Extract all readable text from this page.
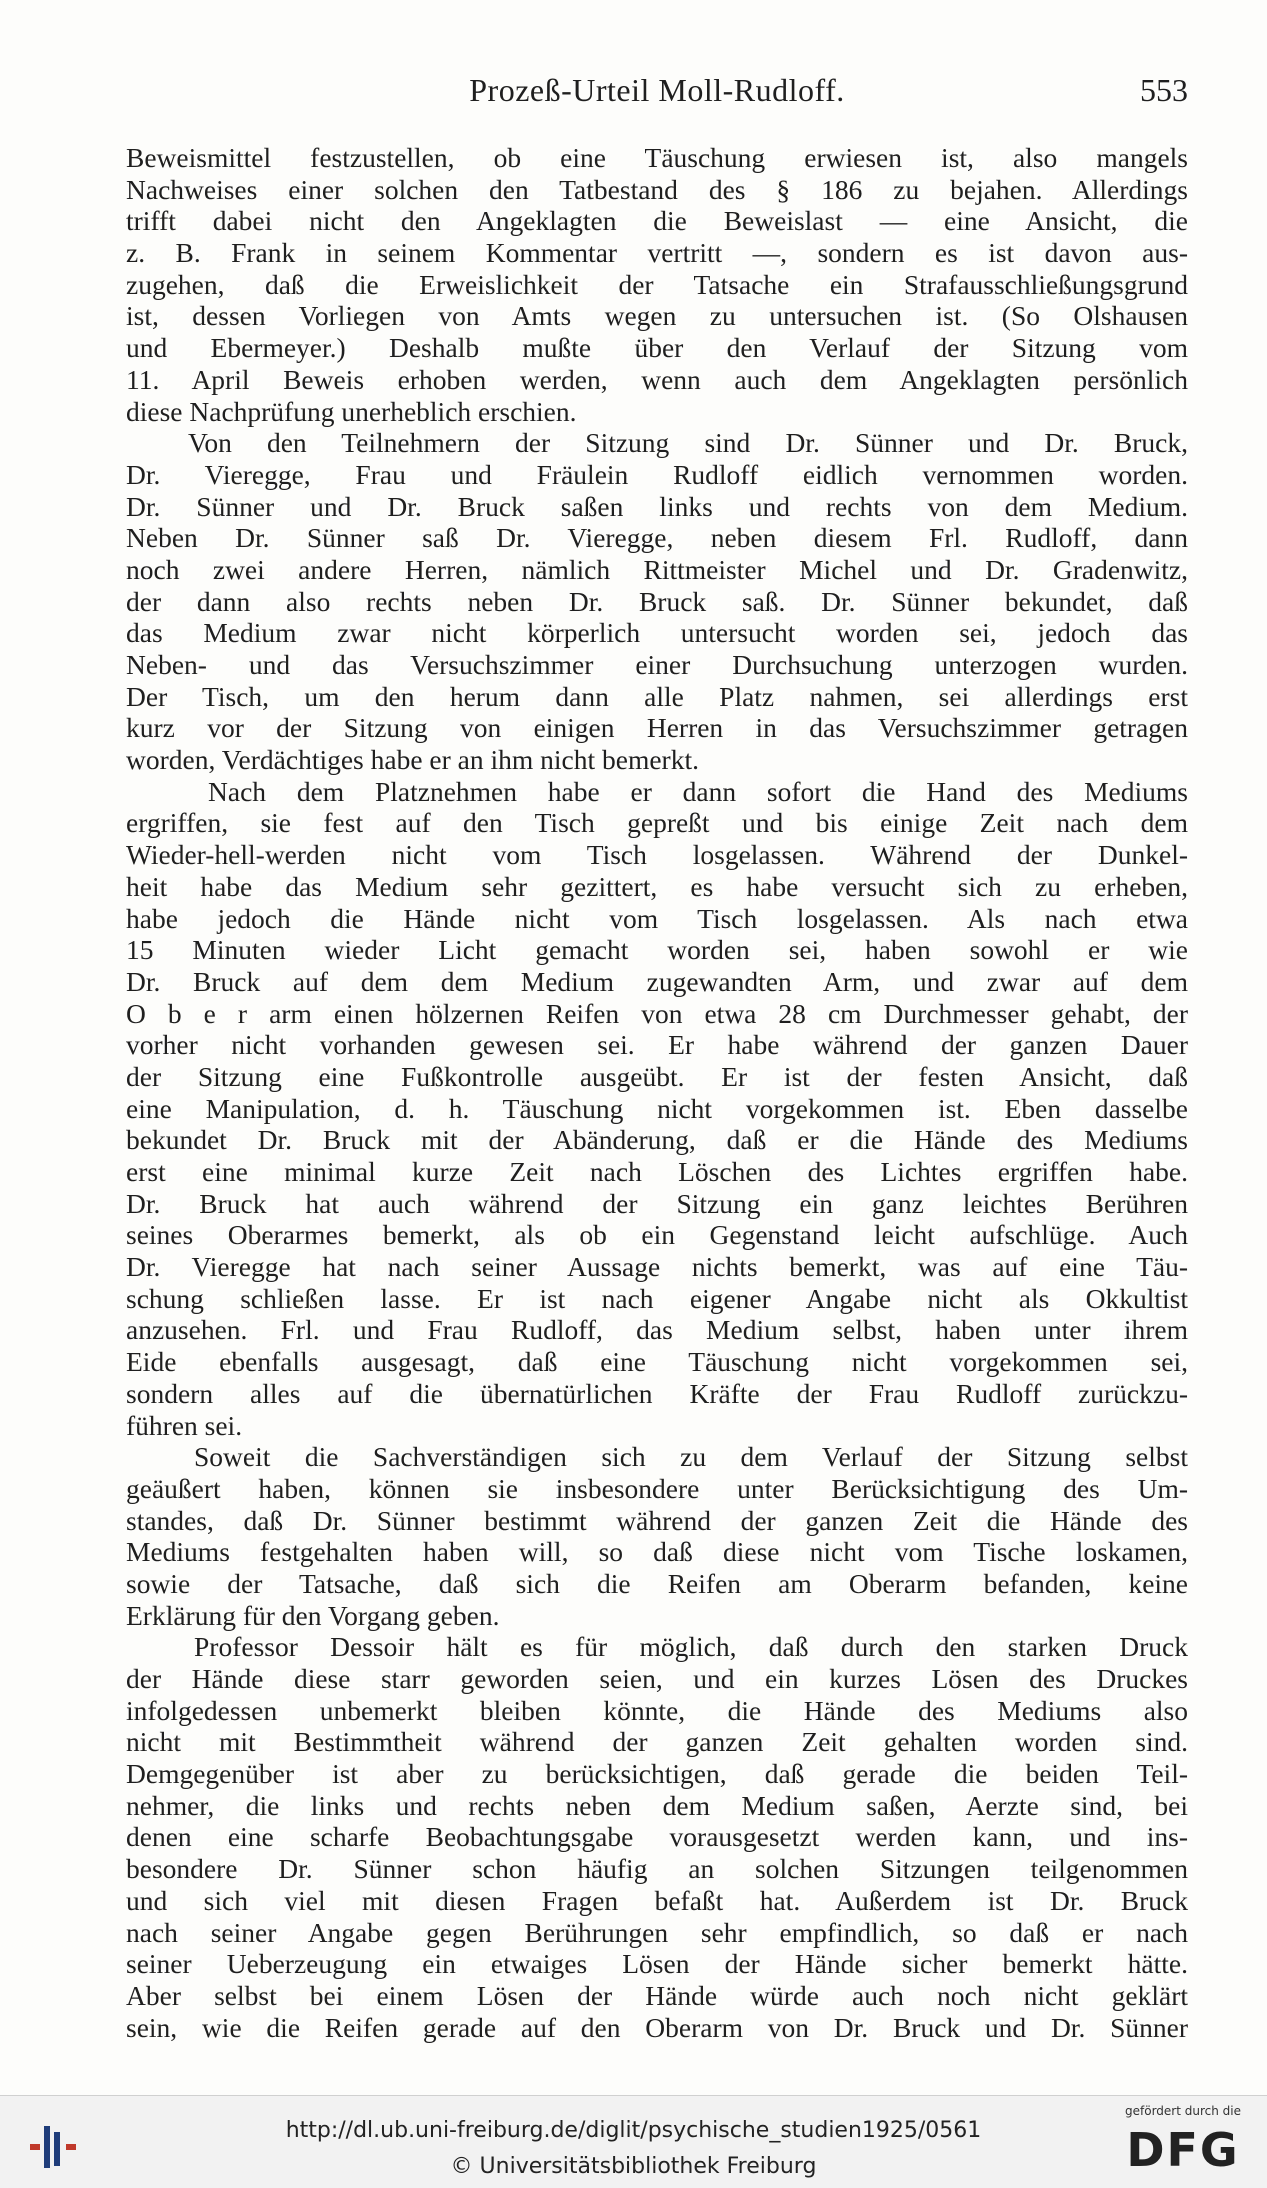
Prozeß-Urteil Moll-Rudloff.	553
Beweismittel festzustellen, ob eine Täuschung erwiesen ist, also mangels
Nachweises einer solchen den Tatbestand des § 186 zu bejahen. Allerdings
trifft dabei nicht den Angeklagten die Beweislast — eine Ansicht, die
z. B. Frank in seinem Kommentar vertritt —, sondern es ist davon aus-
zugehen, daß die Erweislichkeit der Tatsache ein Strafausschließungsgrund
ist, dessen Vorliegen von Amts wegen zu untersuchen ist. (So Olshausen
und Ebermeyer.) Deshalb mußte über den Verlauf der Sitzung vom
11. April Beweis erhoben werden, wenn auch dem Angeklagten persönlich
diese Nachprüfung unerheblich erschien.
Von den Teilnehmern der Sitzung sind Dr. Sünner und Dr. Bruck,
Dr. Vieregge, Frau und Fräulein Rudloff eidlich vernommen worden.
Dr. Sünner und Dr. Bruck saßen links und rechts von dem Medium.
Neben Dr. Sünner saß Dr. Vieregge, neben diesem Frl. Rudloff, dann
noch zwei andere Herren, nämlich Rittmeister Michel und Dr. Gradenwitz,
der dann also rechts neben Dr. Bruck saß. Dr. Sünner bekundet, daß
das Medium zwar nicht körperlich untersucht worden sei, jedoch das
Neben- und das Versuchszimmer einer Durchsuchung unterzogen wurden.
Der Tisch, um den herum dann alle Platz nahmen, sei allerdings erst
kurz vor der Sitzung von einigen Herren in das Versuchszimmer getragen
worden, Verdächtiges habe er an ihm nicht bemerkt.
Nach dem Platznehmen habe er dann sofort die Hand des Mediums
ergriffen, sie fest auf den Tisch gepreßt und bis einige Zeit nach dem
Wieder-hell-werden nicht vom Tisch losgelassen. Während der Dunkel-
heit habe das Medium sehr gezittert, es habe versucht sich zu erheben,
habe jedoch die Hände nicht vom Tisch losgelassen. Als nach etwa
15 Minuten wieder Licht gemacht worden sei, haben sowohl er wie
Dr. Bruck auf dem dem Medium zugewandten Arm, und zwar auf dem
O b e r arm einen hölzernen Reifen von etwa 28 cm Durchmesser gehabt, der
vorher nicht vorhanden gewesen sei. Er habe während der ganzen Dauer
der Sitzung eine Fußkontrolle ausgeübt. Er ist der festen Ansicht, daß
eine Manipulation, d. h. Täuschung nicht vorgekommen ist. Eben dasselbe
bekundet Dr. Bruck mit der Abänderung, daß er die Hände des Mediums
erst eine minimal kurze Zeit nach Löschen des Lichtes ergriffen habe.
Dr. Bruck hat auch während der Sitzung ein ganz leichtes Berühren
seines Oberarmes bemerkt, als ob ein Gegenstand leicht aufschlüge. Auch
Dr. Vieregge hat nach seiner Aussage nichts bemerkt, was auf eine Täu-
schung schließen lasse. Er ist nach eigener Angabe nicht als Okkultist
anzusehen. Frl. und Frau Rudloff, das Medium selbst, haben unter ihrem
Eide ebenfalls ausgesagt, daß eine Täuschung nicht vorgekommen sei,
sondern alles auf die übernatürlichen Kräfte der Frau Rudloff zurückzu-
führen sei.
Soweit die Sachverständigen sich zu dem Verlauf der Sitzung selbst
geäußert haben, können sie insbesondere unter Berücksichtigung des Um-
standes, daß Dr. Sünner bestimmt während der ganzen Zeit die Hände des
Mediums festgehalten haben will, so daß diese nicht vom Tische loskamen,
sowie der Tatsache, daß sich die Reifen am Oberarm befanden, keine
Erklärung für den Vorgang geben.
Professor Dessoir hält es für möglich, daß durch den starken Druck
der Hände diese starr geworden seien, und ein kurzes Lösen des Druckes
infolgedessen unbemerkt bleiben könnte, die Hände des Mediums also
nicht mit Bestimmtheit während der ganzen Zeit gehalten worden sind.
Demgegenüber ist aber zu berücksichtigen, daß gerade die beiden Teil-
nehmer, die links und rechts neben dem Medium saßen, Aerzte sind, bei
denen eine scharfe Beobachtungsgabe vorausgesetzt werden kann, und ins-
besondere Dr. Sünner schon häufig an solchen Sitzungen teilgenommen
und sich viel mit diesen Fragen befaßt hat. Außerdem ist Dr. Bruck
nach seiner Angabe gegen Berührungen sehr empfindlich, so daß er nach
seiner Ueberzeugung ein etwaiges Lösen der Hände sicher bemerkt hätte.
Aber selbst bei einem Lösen der Hände würde auch noch nicht geklärt
sein, wie die Reifen gerade auf den Oberarm von Dr. Bruck und Dr. Sünner
http://dl.ub.uni-freiburg.de/diglit/psychische_studien1925/0561
© Universitätsbibliothek Freiburg
gefördert durch die
DFG
